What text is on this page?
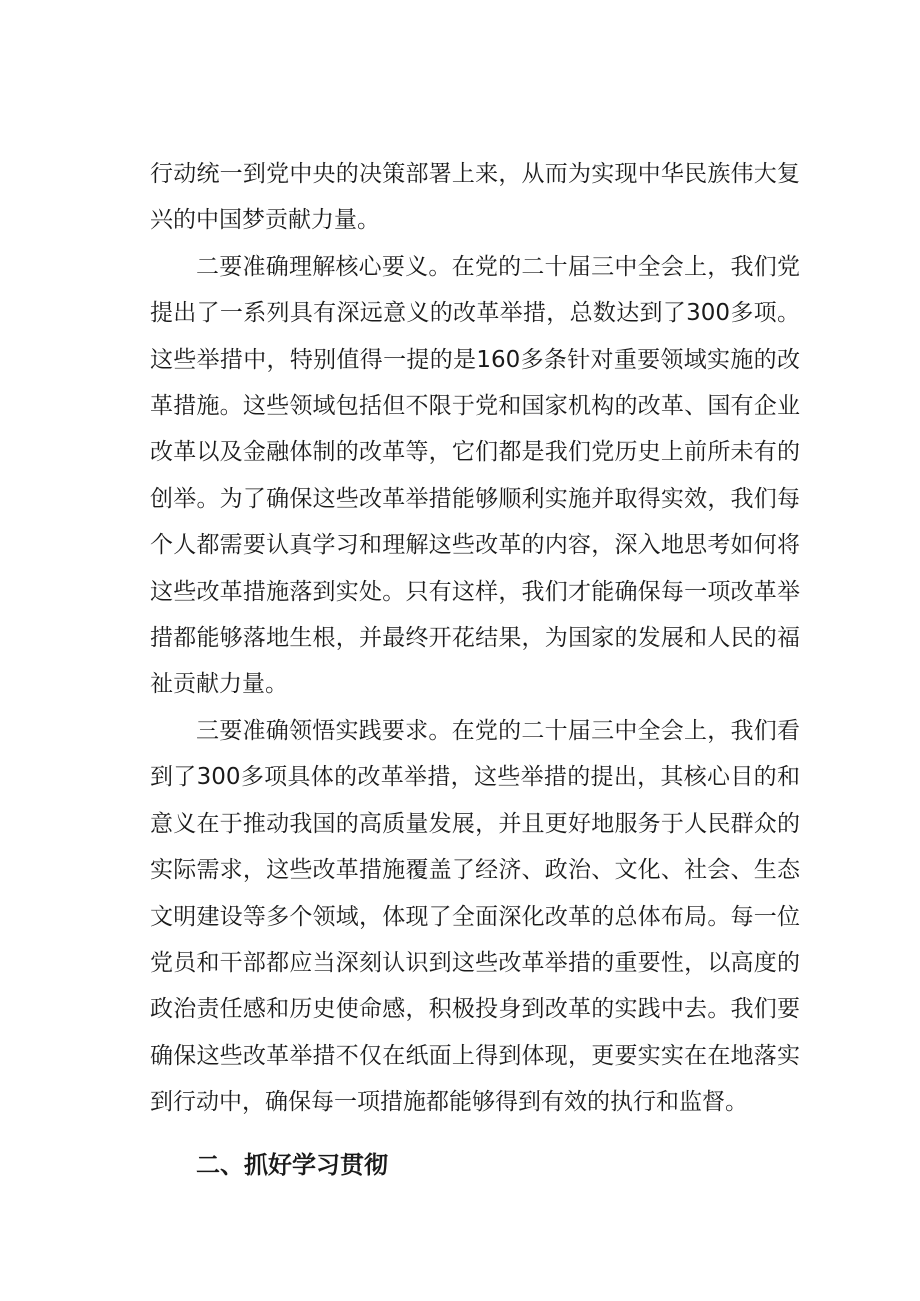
行动统一到党中央的决策部署上来，从而为实现中华民族伟大复兴的中国梦贡献力量。

二要准确理解核心要义。在党的二十届三中全会上，我们党提出了一系列具有深远意义的改革举措，总数达到了300多项。这些举措中，特别值得一提的是160多条针对重要领域实施的改革措施。这些领域包括但不限于党和国家机构的改革、国有企业改革以及金融体制的改革等，它们都是我们党历史上前所未有的创举。为了确保这些改革举措能够顺利实施并取得实效，我们每个人都需要认真学习和理解这些改革的内容，深入地思考如何将这些改革措施落到实处。只有这样，我们才能确保每一项改革举措都能够落地生根，并最终开花结果，为国家的发展和人民的福祉贡献力量。

三要准确领悟实践要求。在党的二十届三中全会上，我们看到了300多项具体的改革举措，这些举措的提出，其核心目的和意义在于推动我国的高质量发展，并且更好地服务于人民群众的实际需求，这些改革措施覆盖了经济、政治、文化、社会、生态文明建设等多个领域，体现了全面深化改革的总体布局。每一位党员和干部都应当深刻认识到这些改革举措的重要性，以高度的政治责任感和历史使命感，积极投身到改革的实践中去。我们要确保这些改革举措不仅在纸面上得到体现，更要实实在在地落实到行动中，确保每一项措施都能够得到有效的执行和监督。

二、抓好学习贯彻
